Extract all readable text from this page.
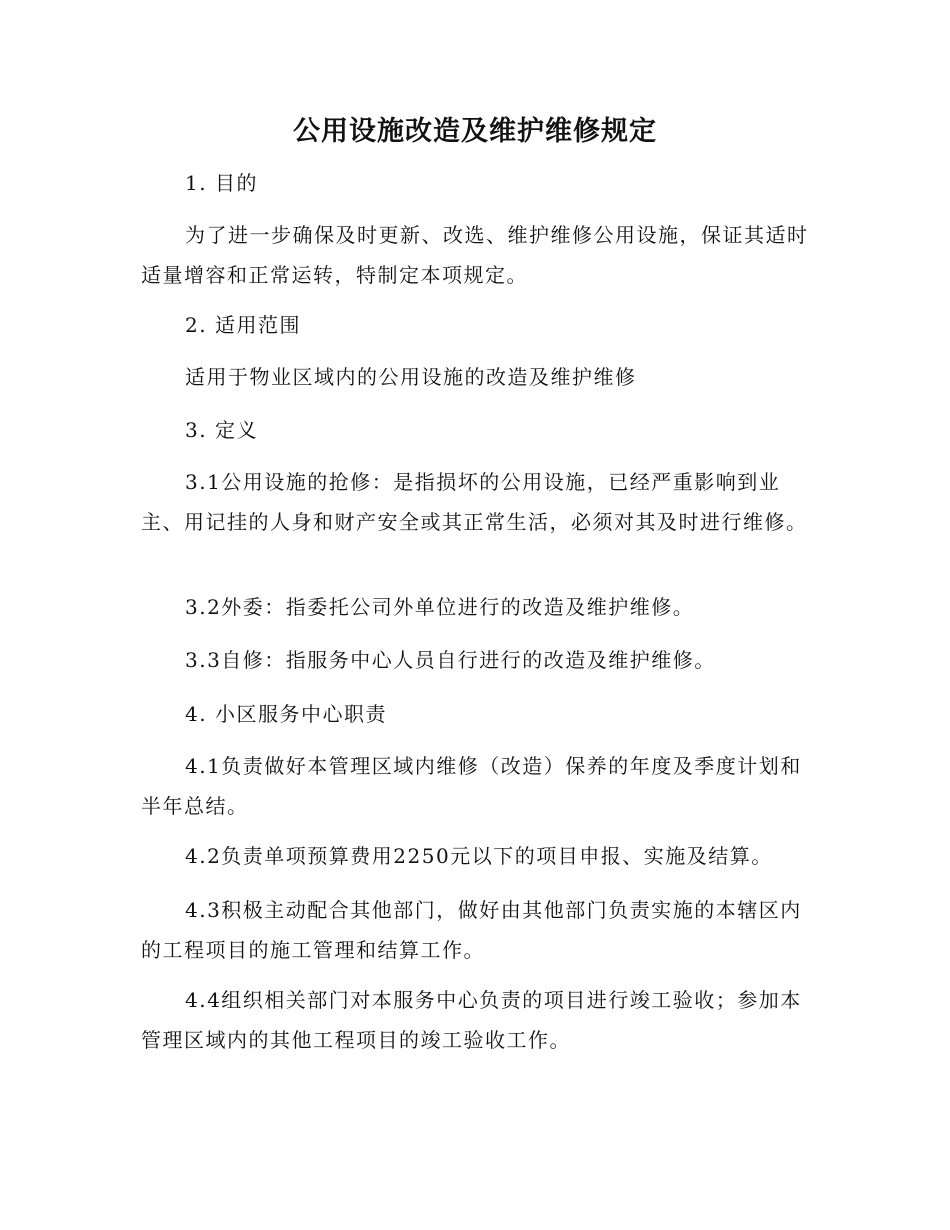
公用设施改造及维护维修规定

1. 目的

为了进一步确保及时更新、改选、维护维修公用设施，保证其适时适量增容和正常运转，特制定本项规定。

2. 适用范围

适用于物业区域内的公用设施的改造及维护维修

3. 定义

3.1公用设施的抢修：是指损坏的公用设施，已经严重影响到业主、用记挂的人身和财产安全或其正常生活，必须对其及时进行维修。

3.2外委：指委托公司外单位进行的改造及维护维修。

3.3自修：指服务中心人员自行进行的改造及维护维修。

4. 小区服务中心职责

4.1负责做好本管理区域内维修（改造）保养的年度及季度计划和半年总结。

4.2负责单项预算费用2250元以下的项目申报、实施及结算。

4.3积极主动配合其他部门，做好由其他部门负责实施的本辖区内的工程项目的施工管理和结算工作。

4.4组织相关部门对本服务中心负责的项目进行竣工验收；参加本管理区域内的其他工程项目的竣工验收工作。
